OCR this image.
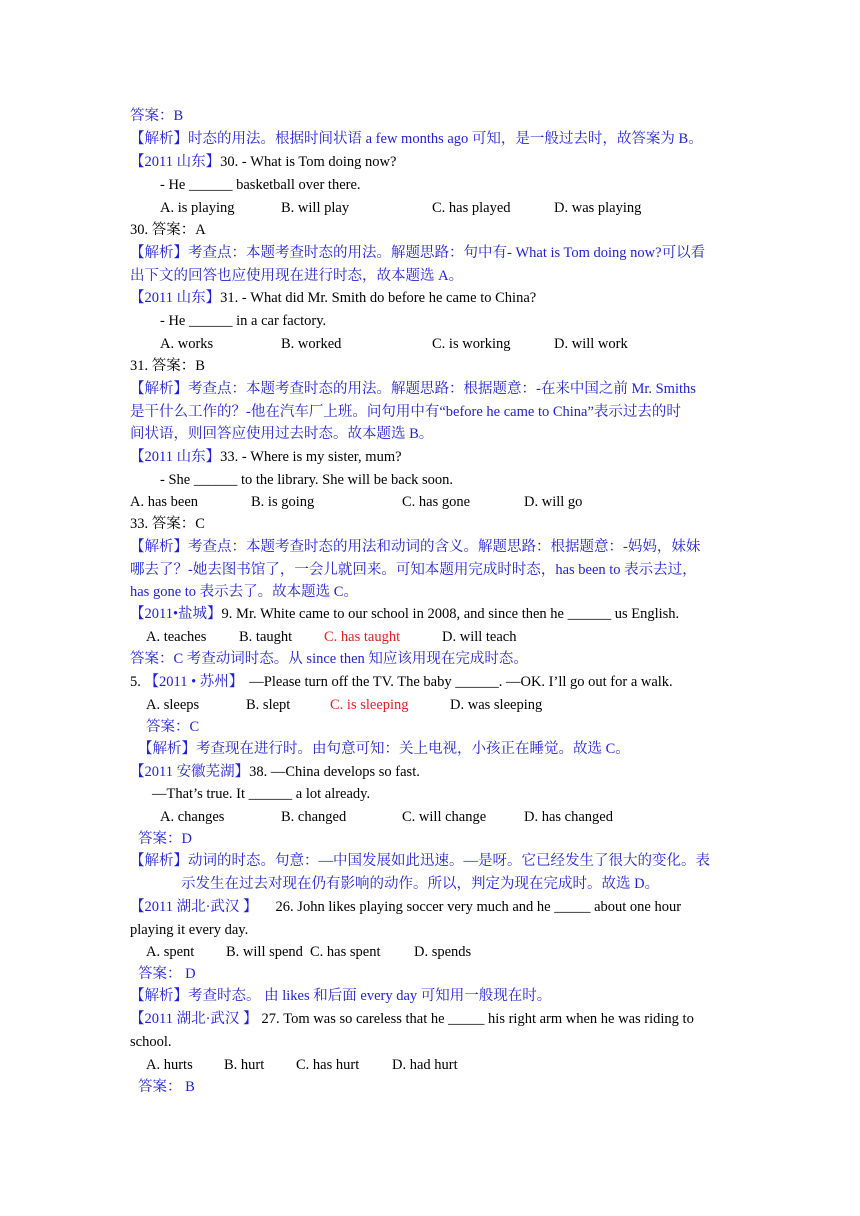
答案：B
【解析】时态的用法。根据时间状语 a few months ago 可知，是一般过去时，故答案为 B。
【2011 山东】30. - What is Tom doing now?
- He ______ basketball over there.
A. is playing	B. will play	C. has played	D. was playing
30. 答案：A
【解析】考查点：本题考查时态的用法。解题思路：句中有- What is Tom doing now?可以看
出下文的回答也应使用现在进行时态，故本题选 A。
【2011 山东】31. - What did Mr. Smith do before he came to China?
- He ______ in a car factory.
A. works	B. worked	C. is working	D. will work
31. 答案：B
【解析】考查点：本题考查时态的用法。解题思路：根据题意：-在来中国之前 Mr. Smiths
是干什么工作的？-他在汽车厂上班。问句用中有“before he came to China”表示过去的时
间状语，则回答应使用过去时态。故本题选 B。
【2011 山东】33. - Where is my sister, mum?
- She ______ to the library. She will be back soon.
A. has been	B. is going	C. has gone	D. will go
33. 答案：C
【解析】考查点：本题考查时态的用法和动词的含义。解题思路：根据题意：-妈妈，妹妹
哪去了？-她去图书馆了，一会儿就回来。可知本题用完成时时态，has been to 表示去过，
has gone to 表示去了。故本题选 C。
【2011•盐城】9. Mr. White came to our school in 2008, and since then he ______ us English.
A. teaches B. taught C. has taught	D. will teach
答案：C 考查动词时态。从 since then 知应该用现在完成时态。
5. 【2011 • 苏州】 —Please turn off the TV. The baby ______. —OK. I’ll go out for a walk.
A. sleeps	B. slept	C. is sleeping	D. was sleeping
答案：C
【解析】考查现在进行时。由句意可知：关上电视，小孩正在睡觉。故选 C。
【2011 安徽芜湖】38. —China develops so fast.
—That’s true. It ______ a lot already.
A. changes	B. changed	C. will change	D. has changed
答案：D
【解析】动词的时态。句意：—中国发展如此迅速。—是呀。它已经发生了很大的变化。表
示发生在过去对现在仍有影响的动作。所以，判定为现在完成时。故选 D。
【2011 湖北·武汉 】 26. John likes playing soccer very much and he _____ about one hour
playing it every day.
A. spent B. will spend C. has spent D. spends
答案： D
【解析】考查时态。 由 likes 和后面 every day 可知用一般现在时。
【2011 湖北·武汉 】 27. Tom was so careless that he _____ his right arm when he was riding to
school.
A. hurts B. hurt C. has hurt D. had hurt
答案： B
